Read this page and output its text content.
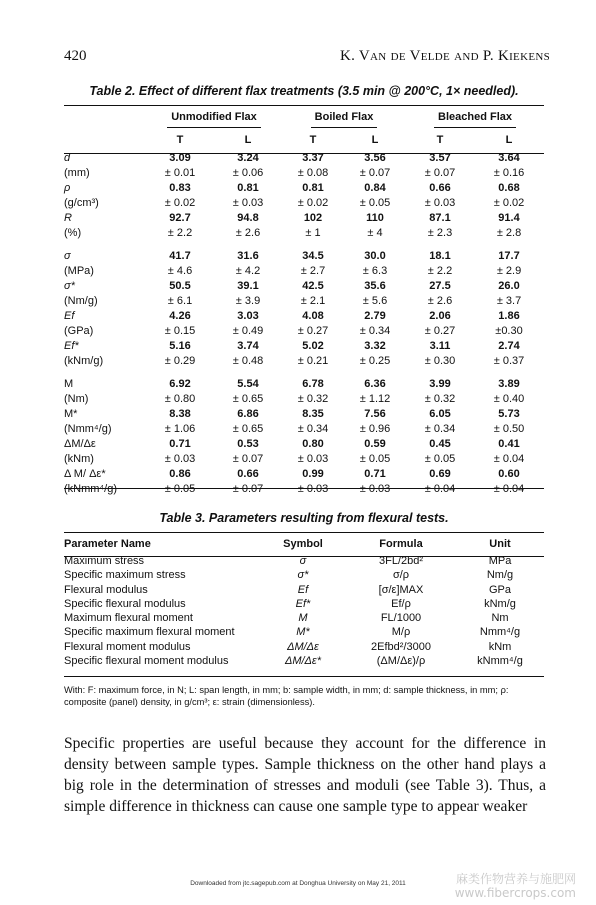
420	K. Van de Velde and P. Kiekens
Table 2. Effect of different flax treatments (3.5 min @ 200°C, 1× needled).
	Unmodified Flax		Boiled Flax		Bleached Flax	
	T	L	T	L	T	L
d	3.09	3.24	3.37	3.56	3.57	3.64
(mm)	± 0.01	± 0.06	± 0.08	± 0.07	± 0.07	± 0.16
ρ	0.83	0.81	0.81	0.84	0.66	0.68
(g/cm³)	± 0.02	± 0.03	± 0.02	± 0.05	± 0.03	± 0.02
R	92.7	94.8	102	110	87.1	91.4
(%)	± 2.2	± 2.6	± 1	± 4	± 2.3	± 2.8

σ	41.7	31.6	34.5	30.0	18.1	17.7
(MPa)	± 4.6	± 4.2	± 2.7	± 6.3	± 2.2	± 2.9
σ*	50.5	39.1	42.5	35.6	27.5	26.0
(Nm/g)	± 6.1	± 3.9	± 2.1	± 5.6	± 2.6	± 3.7
Ef	4.26	3.03	4.08	2.79	2.06	1.86
(GPa)	± 0.15	± 0.49	± 0.27	± 0.34	± 0.27	±0.30
Ef*	5.16	3.74	5.02	3.32	3.11	2.74
(kNm/g)	± 0.29	± 0.48	± 0.21	± 0.25	± 0.30	± 0.37

M	6.92	5.54	6.78	6.36	3.99	3.89
(Nm)	± 0.80	± 0.65	± 0.32	± 1.12	± 0.32	± 0.40
M*	8.38	6.86	8.35	7.56	6.05	5.73
(Nmm⁴/g)	± 1.06	± 0.65	± 0.34	± 0.96	± 0.34	± 0.50
ΔM/Δε	0.71	0.53	0.80	0.59	0.45	0.41
(kNm)	± 0.03	± 0.07	± 0.03	± 0.05	± 0.05	± 0.04
Δ M/ Δε*	0.86	0.66	0.99	0.71	0.69	0.60
(kNmm⁴/g)	± 0.05	± 0.07	± 0.03	± 0.03	± 0.04	± 0.04
Table 3. Parameters resulting from flexural tests.
Parameter Name	Symbol	Formula	Unit
Maximum stress	σ	3FL/2bd²	MPa
Specific maximum stress	σ*	σ/ρ	Nm/g
Flexural modulus	Ef	[σ/ε]MAX	GPa
Specific flexural modulus	Ef*	Ef/ρ	kNm/g
Maximum flexural moment	M	FL/1000	Nm
Specific maximum flexural moment	M*	M/ρ	Nmm⁴/g
Flexural moment modulus	ΔM/Δε	2Efbd²/3000	kNm
Specific flexural moment modulus	ΔM/Δε*	(ΔM/Δε)/ρ	kNmm⁴/g
With: F: maximum force, in N; L: span length, in mm; b: sample width, in mm; d: sample thickness, in mm; ρ: composite (panel) density, in g/cm³; ε: strain (dimensionless).
Specific properties are useful because they account for the difference in density between sample types. Sample thickness on the other hand plays a big role in the determination of stresses and moduli (see Table 3). Thus, a simple difference in thickness can cause one sample type to appear weaker
Downloaded from jtc.sagepub.com at Donghua University on May 21, 2011	麻类作物营养与施肥网
www.fibercrops.com
